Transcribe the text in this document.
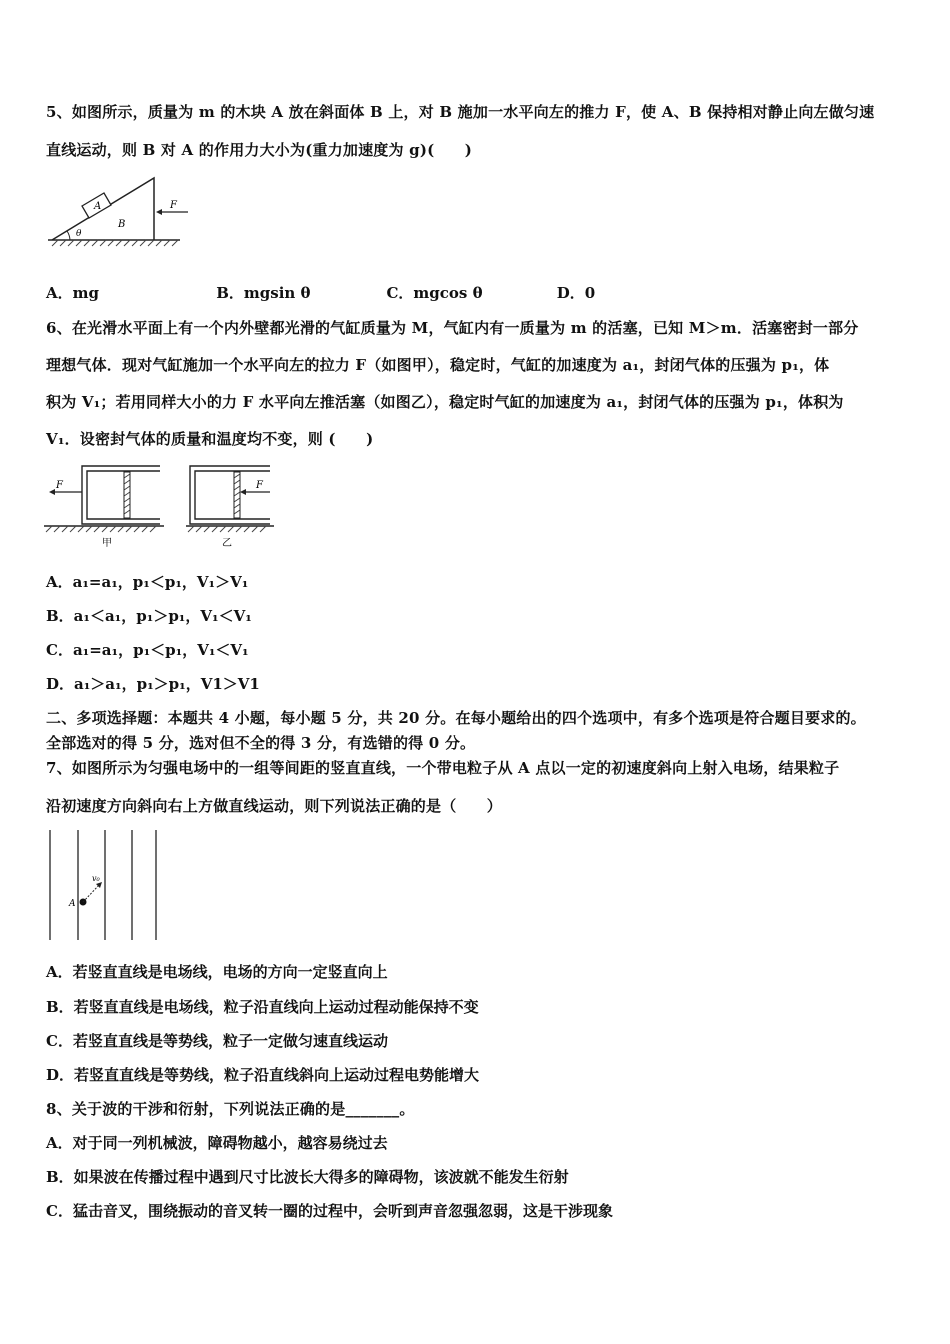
5、如图所示，质量为 m 的木块 A 放在斜面体 B 上，对 B 施加一水平向左的推力 F，使 A、B 保持相对静止向左做匀速
直线运动，则 B 对 A 的作用力大小为(重力加速度为 g)(　　)
A
B
θ
F
A．mg	B．mgsin θ	C．mgcos θ	D．0
6、在光滑水平面上有一个内外壁都光滑的气缸质量为 M，气缸内有一质量为 m 的活塞，已知 M＞m．活塞密封一部分
理想气体．现对气缸施加一个水平向左的拉力 F（如图甲），稳定时，气缸的加速度为 a₁，封闭气体的压强为 p₁，体
积为 V₁；若用同样大小的力 F 水平向左推活塞（如图乙），稳定时气缸的加速度为 a₁，封闭气体的压强为 p₁，体积为
V₁．设密封气体的质量和温度均不变，则 (　　)
F
甲
F
乙
A．a₁=a₁，p₁＜p₁，V₁＞V₁
B．a₁＜a₁，p₁＞p₁，V₁＜V₁
C．a₁=a₁，p₁＜p₁，V₁＜V₁
D．a₁＞a₁，p₁＞p₁，V1＞V1
二、多项选择题：本题共 4 小题，每小题 5 分，共 20 分。在每小题给出的四个选项中，有多个选项是符合题目要求的。
全部选对的得 5 分，选对但不全的得 3 分，有选错的得 0 分。
7、如图所示为匀强电场中的一组等间距的竖直直线，一个带电粒子从 A 点以一定的初速度斜向上射入电场，结果粒子
沿初速度方向斜向右上方做直线运动，则下列说法正确的是（　　）
A
v₀
A．若竖直直线是电场线，电场的方向一定竖直向上
B．若竖直直线是电场线，粒子沿直线向上运动过程动能保持不变
C．若竖直直线是等势线，粒子一定做匀速直线运动
D．若竖直直线是等势线，粒子沿直线斜向上运动过程电势能增大
8、关于波的干涉和衍射，下列说法正确的是_______。
A．对于同一列机械波，障碍物越小，越容易绕过去
B．如果波在传播过程中遇到尺寸比波长大得多的障碍物，该波就不能发生衍射
C．猛击音叉，围绕振动的音叉转一圈的过程中，会听到声音忽强忽弱，这是干涉现象
